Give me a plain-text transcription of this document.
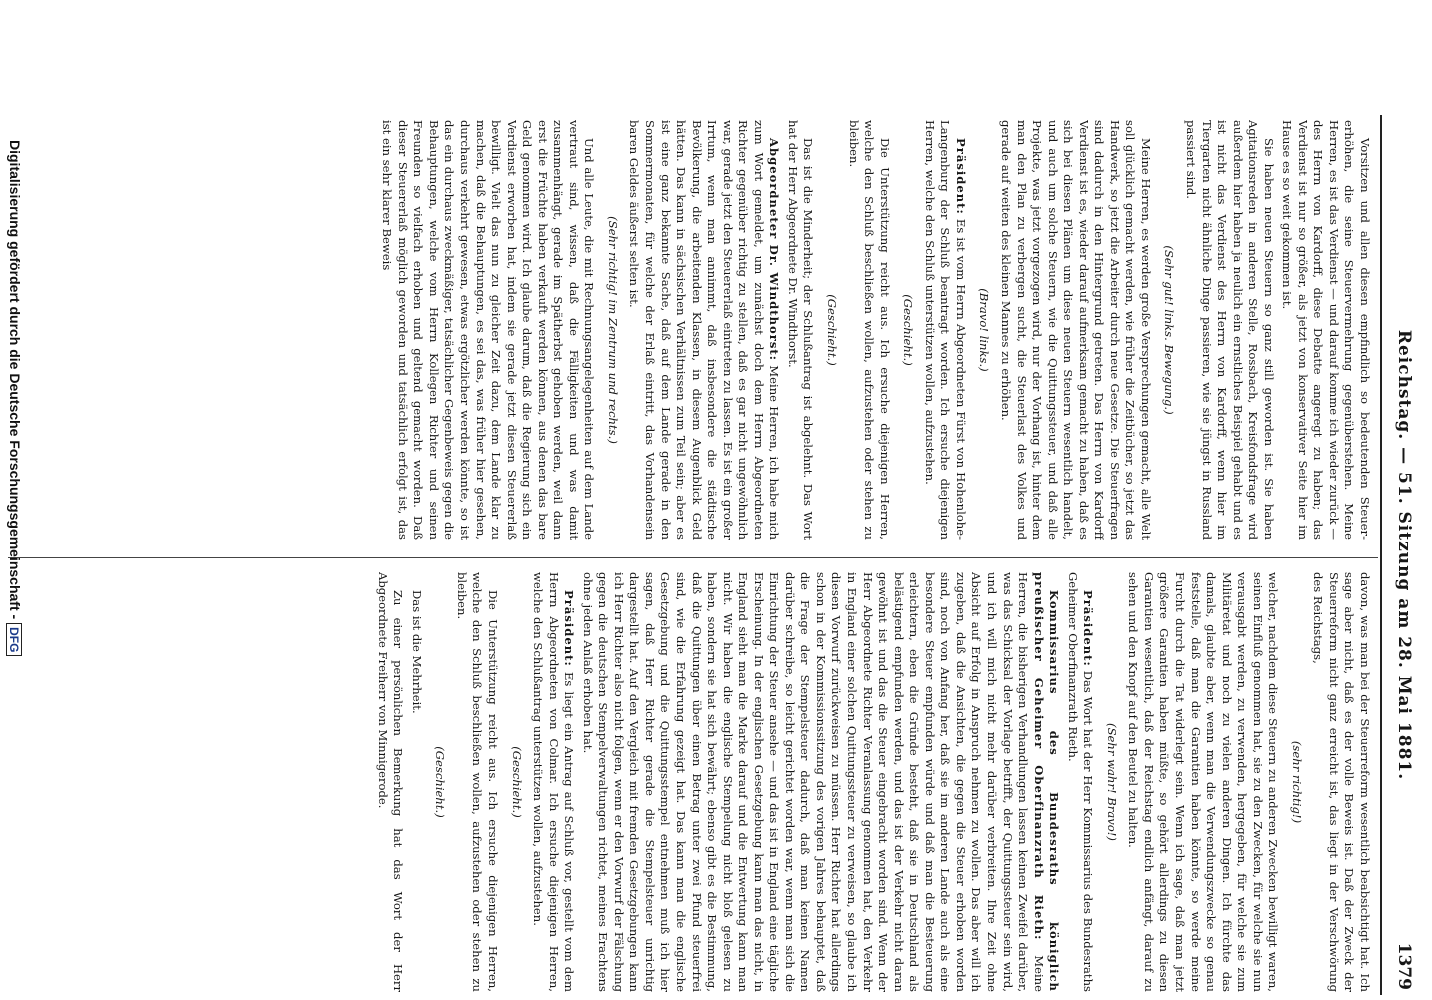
Reichstag. — 51. Sitzung am 28. Mai 1881.
1379

Vorsitzen und allen diesen empfindlich so bedeutenden Steuer-erhöhen, die seine Steuervermehrung gegenüberstehen. Meine Herren, es ist das Verdienst — und darauf komme ich wieder zurück — des Herrn von Kardorff, diese Debatte angeregt zu haben; das Verdienst ist nur so größer, als jetzt von konservativer Seite hier im Hause es so weit gekommen ist.

Sie haben neuen Steuern so ganz still geworden ist. Sie haben Agitationsreden in anderen Stelle, Rossbach, Kreisfondsfrage wird außerdem hier haben ja neulich ein ernstliches Beispiel gehabt und es ist nicht das Verdienst des Herrn von Kardorff, wenn hier im Tiergarten nicht ähnliche Dinge passieren, wie sie jüngst in Russland passiert sind.

(Sehr gut! links. Bewegung.)

Meine Herren, es werden große Versprechungen gemacht, alle Welt soll glücklich gemacht werden, wie früher die Zeitbücher, so jetzt das Handwerk, so jetzt die Arbeiter durch neue Gesetze. Die Steuerfragen sind dadurch in den Hintergrund getreten. Das Herrn von Kardorff Verdienst ist es, wieder darauf aufmerksam gemacht zu haben, daß es sich bei diesen Plänen um diese neuen Steuern wesentlich handelt, und auch um solche Steuern, wie die Quittungssteuer, und daß alle Projekte, was jetzt vorgezogen wird, nur der Vorhang ist, hinter dem man den Plan zu verbergen sucht, die Steuerlast des Volkes und gerade auf weiten des kleinen Mannes zu erhöhen.

(Bravo! links.)

Präsident: Es ist vom Herrn Abgeordneten Fürst von Hohenlohe-Langenburg der Schluß beantragt worden. Ich ersuche diejenigen Herren, welche den Schluß unterstützen wollen, aufzustehen.

(Geschieht.)

Die Unterstützung reicht aus. Ich ersuche diejenigen Herren, welche den Schluß beschließen wollen, aufzustehen oder stehen zu bleiben.

(Geschieht.)

Das ist die Minderheit; der Schlußantrag ist abgelehnt. Das Wort hat der Herr Abgeordnete Dr. Windthorst.

Abgeordneter Dr. Windthorst: Meine Herren, ich habe mich zum Wort gemeldet, um zunächst doch dem Herrn Abgeordneten Richter gegenüber richtig zu stellen, daß es gar nicht ungewöhnlich war, gerade jetzt den Steuererlaß eintreten zu lassen. Es ist ein großer Irrtum, wenn man annimmt, daß insbesondere die städtische Bevölkerung, die arbeitenden Klassen, in diesem Augenblick Geld hätten. Das kann in sächsischen Verhältnissen zum Teil sein; aber es ist eine ganz bekannte Sache, daß auf dem Lande gerade in den Sommermonaten, für welche der Erlaß eintritt, das Vorhandensein baren Geldes äußerst selten ist.

(Sehr richtig! im Zentrum und rechts.)

Und alle Leute, die mit Rechnungsangelegenheiten auf dem Lande vertraut sind, wissen, daß die Fälligkeiten und was damit zusammenhängt, gerade im Spätherbst gehoben werden, weil dann erst die Früchte haben verkauft werden können, aus denen das bare Geld genommen wird. Ich glaube darum, daß die Regierung sich ein Verdienst erworben hat, indem sie gerade jetzt diesen Steuererlaß bewilligt. Vielt das nun zu gleicher Zeit dazu, dem Lande klar zu machen, daß die Behauptungen, es sei das, was früher hier gesehen, durchaus verkehrt gewesen, etwas ergötzlicher werden könnte, so ist das ein durchaus zweckmäßiger, tatsächlicher Gegenbeweis gegen die Behauptungen, welche vom Herrn Kollegen Richter und seinen Freunden so vielfach erhoben und geltend gemacht worden. Daß dieser Steuererlaß möglich geworden und tatsächlich erfolgt ist, das ist ein sehr klarer Beweis

davon, was man bei der Steuerreform wesentlich beabsichtigt hat. Ich sage aber nicht, daß es der volle Beweis ist. Daß der Zweck der Steuerreform nicht ganz erreicht ist, das liegt in der Verschwörung des Reichstags,

(sehr richtig!)

welcher, nachdem diese Steuern zu anderen Zwecken bewilligt waren, seinen Einfluß genommen hat, sie zu den Zwecken, für welche sie nun verausgabt werden, zu verwenden, hergegeben, für welche sie zum Militäretat und noch zu vielen anderen Dingen. Ich fürchte das damals, glaubte aber, wenn man die Verwendungszwecke so genau feststelle, daß man die Garantien haben könnte, so werde meine Furcht durch die Tat widerlegt sein. Wenn ich sage, daß man jetzt größere Garantien haben müßte, so gehört allerdings zu diesen Garantien wesentlich, daß der Reichstag endlich anfängt, darauf zu sehen und den Knopf auf den Beutel zu halten.

(Sehr wahr! Bravo!)

Präsident: Das Wort hat der Herr Kommissarius des Bundesraths Geheimer Oberfinanzrath Rieth.

Kommissarius des Bundesraths königlich preußischer Geheimer Oberfinanzrath Rieth: Meine Herren, die bisherigen Verhandlungen lassen keinen Zweifel darüber, was das Schicksal der Vorlage betrifft, der Quittungssteuer sein wird, und ich will mich nicht mehr darüber verbreiten. Ihre Zeit ohne Absicht auf Erfolg in Anspruch nehmen zu wollen. Das aber will ich zugeben, daß die Ansichten, die gegen die Steuer erhoben worden sind, noch von Anfang her, daß sie im anderen Lande auch als eine besondere Steuer empfunden würde und daß man die Besteuerung erleichtern, eben die Gründe besteht, daß sie in Deutschland als belästigend empfunden werden, und das ist der Verkehr nicht daran gewöhnt ist und das die Steuer eingebracht worden sind. Wenn der Herr Abgeordnete Richter Veranlassung genommen hat, den Verkehr in England einer solchen Quittungssteuer zu verweisen, so glaube ich diesen Vorwurf zurückweisen zu müssen. Herr Richter hat allerdings schon in der Kommissionssitzung des vorigen Jahres behauptet, daß die Frage der Stempelsteuer dadurch, daß man keinen Namen darüber schreibe, so leicht gerichtet worden war, wenn man sich die Einrichtung der Steuer ansehe — und das ist in England eine tägliche Erscheinung. In der englischen Gesetzgebung kann man das nicht, in England sieht man die Marke darauf und die Entwertung kann man nicht. Wir haben die englische Stempelung nicht bloß gelesen zu haben, sondern sie hat sich bewährt; ebenso gibt es die Bestimmung, daß die Quittungen über einen Betrag unter zwei Pfund steuerfrei sind, wie die Erfahrung gezeigt hat. Das kann man die englische Gesetzgebung und die Quittungsstempel entnehmen muß ich hier sagen, daß Herr Richter gerade die Stempelsteuer unrichtig dargestellt hat. Auf den Vergleich mit fremden Gesetzgebungen kann ich Herr Richter also nicht folgen, wenn er den Vorwurf der Fälschung gegen die deutschen Stempelverwaltungen richtet, meines Erachtens ohne jeden Anlaß erhoben hat.

Präsident: Es liegt ein Antrag auf Schluß vor, gestellt vom dem Herrn Abgeordneten von Colmar. Ich ersuche diejenigen Herren, welche den Schlußantrag unterstützen wollen, aufzustehen.

(Geschieht.)

Die Unterstützung reicht aus. Ich ersuche diejenigen Herren, welche den Schluß beschließen wollen, aufzustehen oder stehen zu bleiben.

(Geschieht.)

Das ist die Mehrheit.

Zu einer persönlichen Bemerkung hat das Wort der Herr Abgeordnete Freiherr von Minnigerode.

Digitalisierung gefördert durch die Deutsche Forschungsgemeinschaft - DFG
